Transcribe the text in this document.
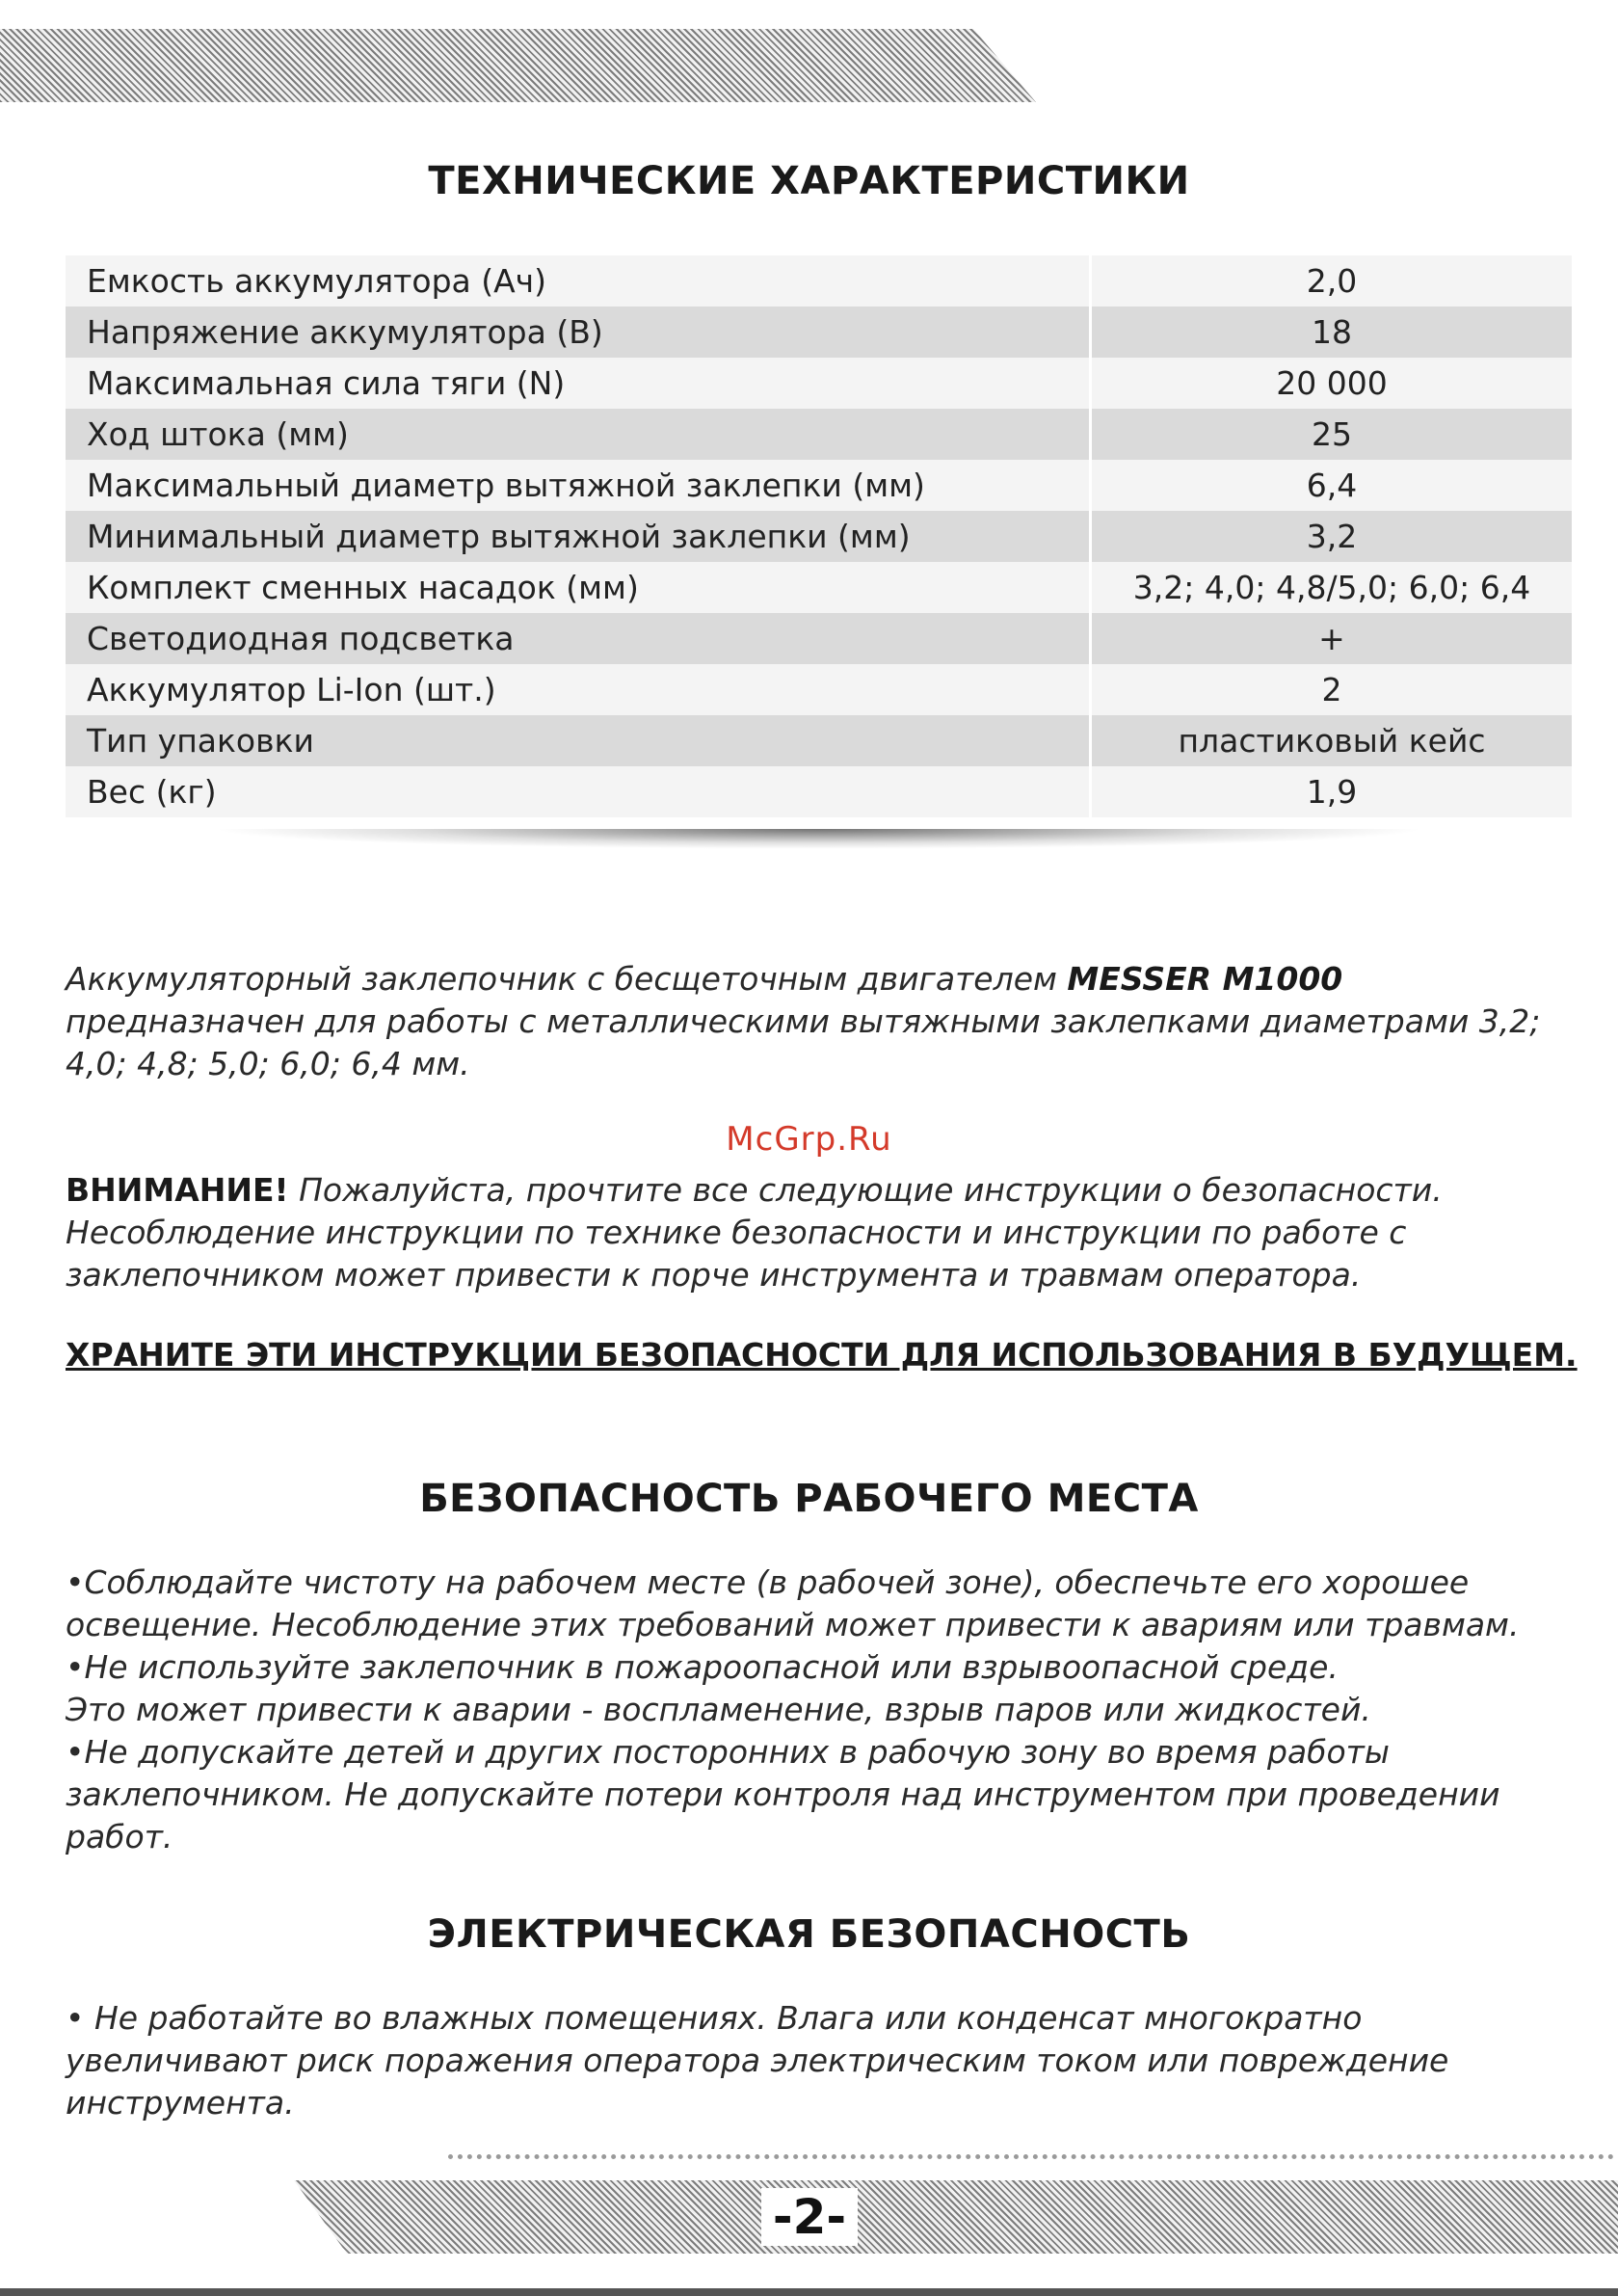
ТЕХНИЧЕСКИЕ ХАРАКТЕРИСТИКИ
Емкость аккумулятора (Ач)	2,0
Напряжение аккумулятора (В)	18
Максимальная сила тяги (N)	20 000
Ход штока (мм)	25
Максимальный диаметр вытяжной заклепки (мм)	6,4
Минимальный диаметр вытяжной заклепки (мм)	3,2
Комплект сменных насадок (мм)	3,2; 4,0; 4,8/5,0; 6,0; 6,4
Светодиодная подсветка	+
Аккумулятор Li-Ion (шт.)	2
Тип упаковки	пластиковый кейс
Вес (кг)	1,9

Аккумуляторный заклепочник с бесщеточным двигателем MESSER M1000 предназначен для работы с металлическими вытяжными заклепками диаметрами 3,2; 4,0; 4,8; 5,0; 6,0; 6,4 мм.

McGrp.Ru

ВНИМАНИЕ! Пожалуйста, прочтите все следующие инструкции о безопасности. Несоблюдение инструкции по технике безопасности и инструкции по работе с заклепочником может привести к порче инструмента и травмам оператора.

ХРАНИТЕ ЭТИ ИНСТРУКЦИИ БЕЗОПАСНОСТИ ДЛЯ ИСПОЛЬЗОВАНИЯ В БУДУЩЕМ.

БЕЗОПАСНОСТЬ РАБОЧЕГО МЕСТА
•Соблюдайте чистоту на рабочем месте (в рабочей зоне), обеспечьте его хорошее
освещение. Несоблюдение этих требований может привести к авариям или травмам.
•Не используйте заклепочник в пожароопасной или взрывоопасной среде.
Это может привести к аварии - воспламенение, взрыв паров или жидкостей.
•Не допускайте детей и других посторонних в рабочую зону во время работы
заклепочником. Не допускайте потери контроля над инструментом при проведении
работ.
ЭЛЕКТРИЧЕСКАЯ БЕЗОПАСНОСТЬ
• Не работайте во влажных помещениях. Влага или конденсат многократно
увеличивают риск поражения оператора электрическим током или повреждение
инструмента.
-2-
